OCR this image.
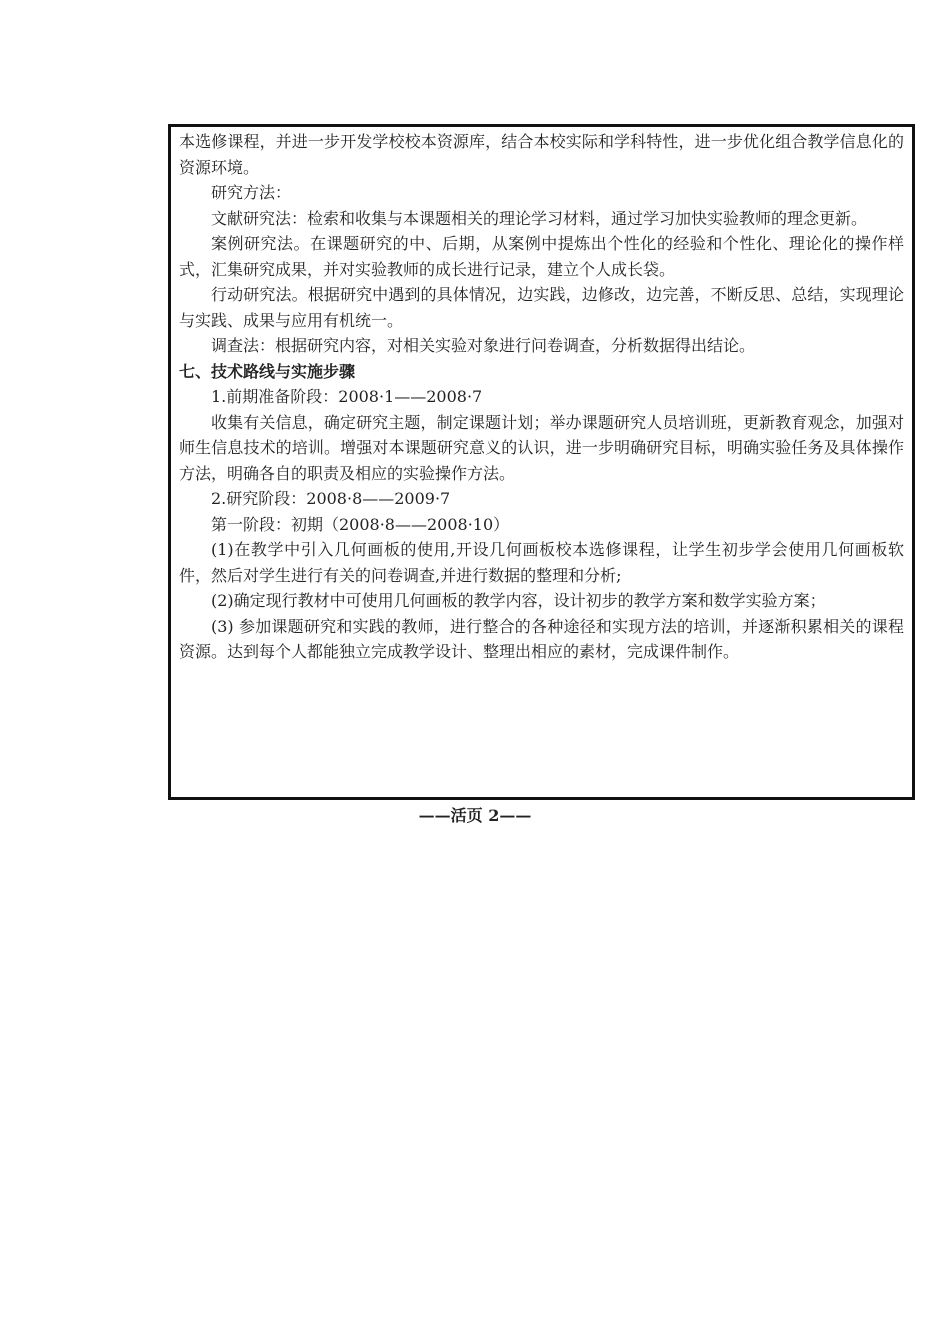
本选修课程，并进一步开发学校校本资源库，结合本校实际和学科特性，进一步优化组合教学信息化的资源环境。

研究方法：

文献研究法：检索和收集与本课题相关的理论学习材料，通过学习加快实验教师的理念更新。

案例研究法。在课题研究的中、后期，从案例中提炼出个性化的经验和个性化、理论化的操作样式，汇集研究成果，并对实验教师的成长进行记录，建立个人成长袋。

行动研究法。根据研究中遇到的具体情况，边实践，边修改，边完善，不断反思、总结，实现理论与实践、成果与应用有机统一。

调查法：根据研究内容，对相关实验对象进行问卷调查，分析数据得出结论。

七、技术路线与实施步骤

1.前期准备阶段：2008·1——2008·7

收集有关信息，确定研究主题，制定课题计划；举办课题研究人员培训班，更新教育观念，加强对师生信息技术的培训。增强对本课题研究意义的认识，进一步明确研究目标，明确实验任务及具体操作方法，明确各自的职责及相应的实验操作方法。

2.研究阶段：2008·8——2009·7

第一阶段：初期（2008·8——2008·10）

(1)在教学中引入几何画板的使用,开设几何画板校本选修课程，让学生初步学会使用几何画板软件，然后对学生进行有关的问卷调查,并进行数据的整理和分析;

(2)确定现行教材中可使用几何画板的教学内容，设计初步的教学方案和数学实验方案；

(3) 参加课题研究和实践的教师，进行整合的各种途径和实现方法的培训，并逐渐积累相关的课程资源。达到每个人都能独立完成教学设计、整理出相应的素材，完成课件制作。

——活页 2——
